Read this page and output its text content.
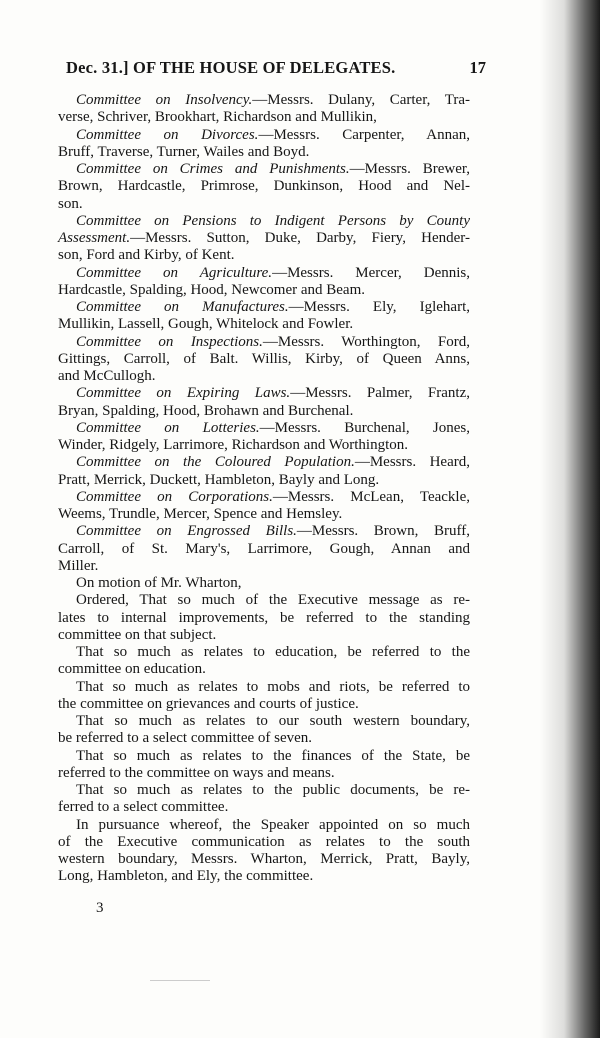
Dec. 31.] OF THE HOUSE OF DELEGATES.	17
Committee on Insolvency.—Messrs. Dulany, Carter, Tra-
verse, Schriver, Brookhart, Richardson and Mullikin,
Committee on Divorces.—Messrs. Carpenter, Annan,
Bruff, Traverse, Turner, Wailes and Boyd.
Committee on Crimes and Punishments.—Messrs. Brewer,
Brown, Hardcastle, Primrose, Dunkinson, Hood and Nel-
son.
Committee on Pensions to Indigent Persons by County
Assessment.—Messrs. Sutton, Duke, Darby, Fiery, Hender-
son, Ford and Kirby, of Kent.
Committee on Agriculture.—Messrs. Mercer, Dennis,
Hardcastle, Spalding, Hood, Newcomer and Beam.
Committee on Manufactures.—Messrs. Ely, Iglehart,
Mullikin, Lassell, Gough, Whitelock and Fowler.
Committee on Inspections.—Messrs. Worthington, Ford,
Gittings, Carroll, of Balt. Willis, Kirby, of Queen Anns,
and McCullogh.
Committee on Expiring Laws.—Messrs. Palmer, Frantz,
Bryan, Spalding, Hood, Brohawn and Burchenal.
Committee on Lotteries.—Messrs. Burchenal, Jones,
Winder, Ridgely, Larrimore, Richardson and Worthington.
Committee on the Coloured Population.—Messrs. Heard,
Pratt, Merrick, Duckett, Hambleton, Bayly and Long.
Committee on Corporations.—Messrs. McLean, Teackle,
Weems, Trundle, Mercer, Spence and Hemsley.
Committee on Engrossed Bills.—Messrs. Brown, Bruff,
Carroll, of St. Mary's, Larrimore, Gough, Annan and
Miller.
On motion of Mr. Wharton,
Ordered, That so much of the Executive message as re-
lates to internal improvements, be referred to the standing
committee on that subject.
That so much as relates to education, be referred to the
committee on education.
That so much as relates to mobs and riots, be referred to
the committee on grievances and courts of justice.
That so much as relates to our south western boundary,
be referred to a select committee of seven.
That so much as relates to the finances of the State, be
referred to the committee on ways and means.
That so much as relates to the public documents, be re-
ferred to a select committee.
In pursuance whereof, the Speaker appointed on so much
of the Executive communication as relates to the south
western boundary, Messrs. Wharton, Merrick, Pratt, Bayly,
Long, Hambleton, and Ely, the committee.
3
